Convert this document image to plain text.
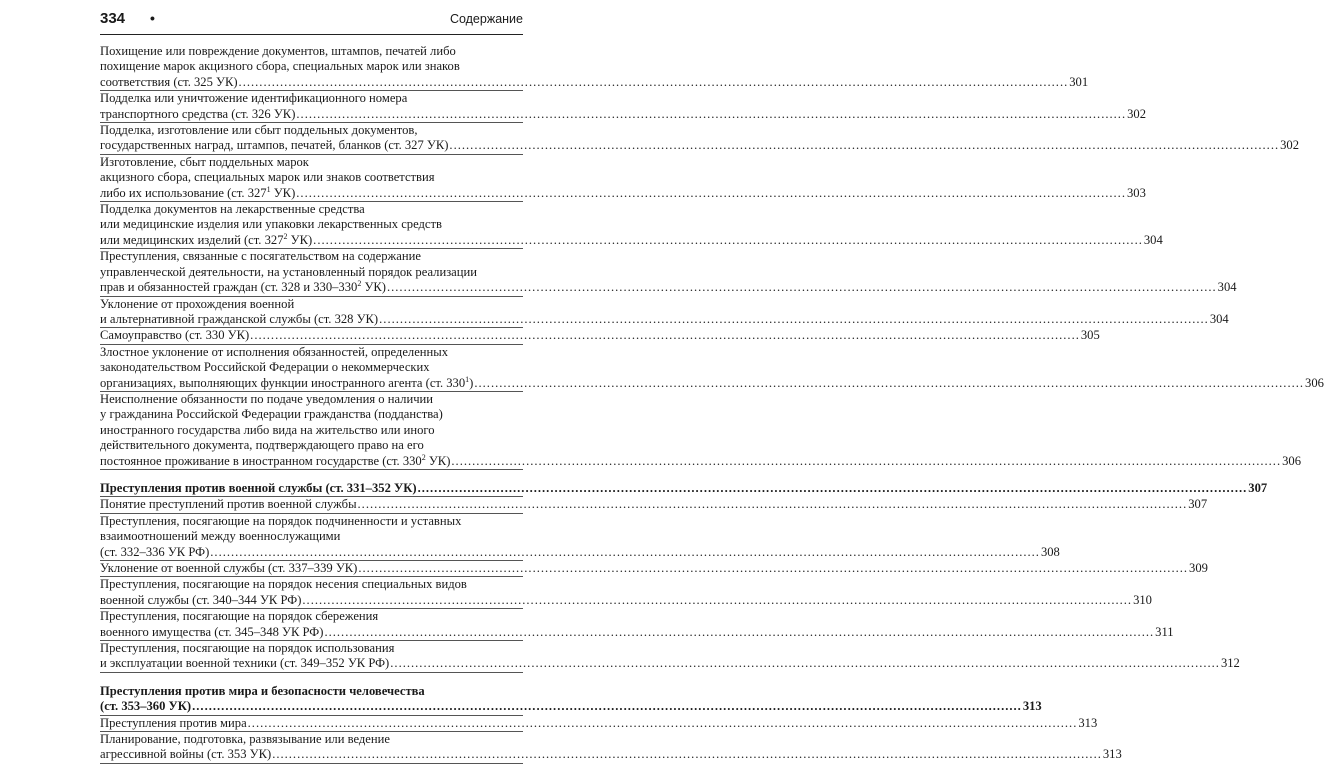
334 •	Содержание
Похищение или повреждение документов, штампов, печатей либо
похищение марок акцизного сбора, специальных марок или знаков
соответствия (ст. 325 УК) ........................................................................................................................................................................................................ 301
Подделка или уничтожение идентификационного номера
транспортного средства (ст. 326 УК) ........................................................................................................................................................................................................ 302
Подделка, изготовление или сбыт поддельных документов,
государственных наград, штампов, печатей, бланков (ст. 327 УК) ........................................................................................................................................................................................................ 302
Изготовление, сбыт поддельных марок
акцизного сбора, специальных марок или знаков соответствия
либо их использование (ст. $327^1$ УК) ........................................................................................................................................................................................................ 303
Подделка документов на лекарственные средства
или медицинские изделия или упаковки лекарственных средств
или медицинских изделий (ст. $327^2$ УК) ........................................................................................................................................................................................................ 304
Преступления, связанные с посягательством на содержание
управленческой деятельности, на установленный порядок реализации
прав и обязанностей граждан (ст. 328 и $330-330^2$ УК) ........................................................................................................................................................................................................ 304
Уклонение от прохождения военной
и альтернативной гражданской службы (ст. 328 УК) ........................................................................................................................................................................................................ 304
Самоуправство (ст. 330 УК) ........................................................................................................................................................................................................ 305
Злостное уклонение от исполнения обязанностей, определенных
законодательством Российской Федерации о некоммерческих
организациях, выполняющих функции иностранного агента (ст. $330^1$) ........................................................................................................................................................................................................ 306
Неисполнение обязанности по подаче уведомления о наличии
у гражданина Российской Федерации гражданства (подданства)
иностранного государства либо вида на жительство или иного
действительного документа, подтверждающего право на его
постоянное проживание в иностранном государстве (ст. $330^2$ УК) ........................................................................................................................................................................................................ 306
Преступления против военной службы (ст. 331–352 УК) ........................................................................................................................................................................................................ 307
Понятие преступлений против военной службы ........................................................................................................................................................................................................ 307
Преступления, посягающие на порядок подчиненности и уставных
взаимоотношений между военнослужащими
(ст. 332–336 УК РФ) ........................................................................................................................................................................................................ 308
Уклонение от военной службы (ст. 337–339 УК) ........................................................................................................................................................................................................ 309
Преступления, посягающие на порядок несения специальных видов
военной службы (ст. 340–344 УК РФ) ........................................................................................................................................................................................................ 310
Преступления, посягающие на порядок сбережения
военного имущества (ст. 345–348 УК РФ) ........................................................................................................................................................................................................ 311
Преступления, посягающие на порядок использования
и эксплуатации военной техники (ст. 349–352 УК РФ) ........................................................................................................................................................................................................ 312
Преступления против мира и безопасности человечества
(ст. 353–360 УК) ........................................................................................................................................................................................................ 313
Преступления против мира ........................................................................................................................................................................................................ 313
Планирование, подготовка, развязывание или ведение
агрессивной войны (ст. 353 УК) ........................................................................................................................................................................................................ 313
